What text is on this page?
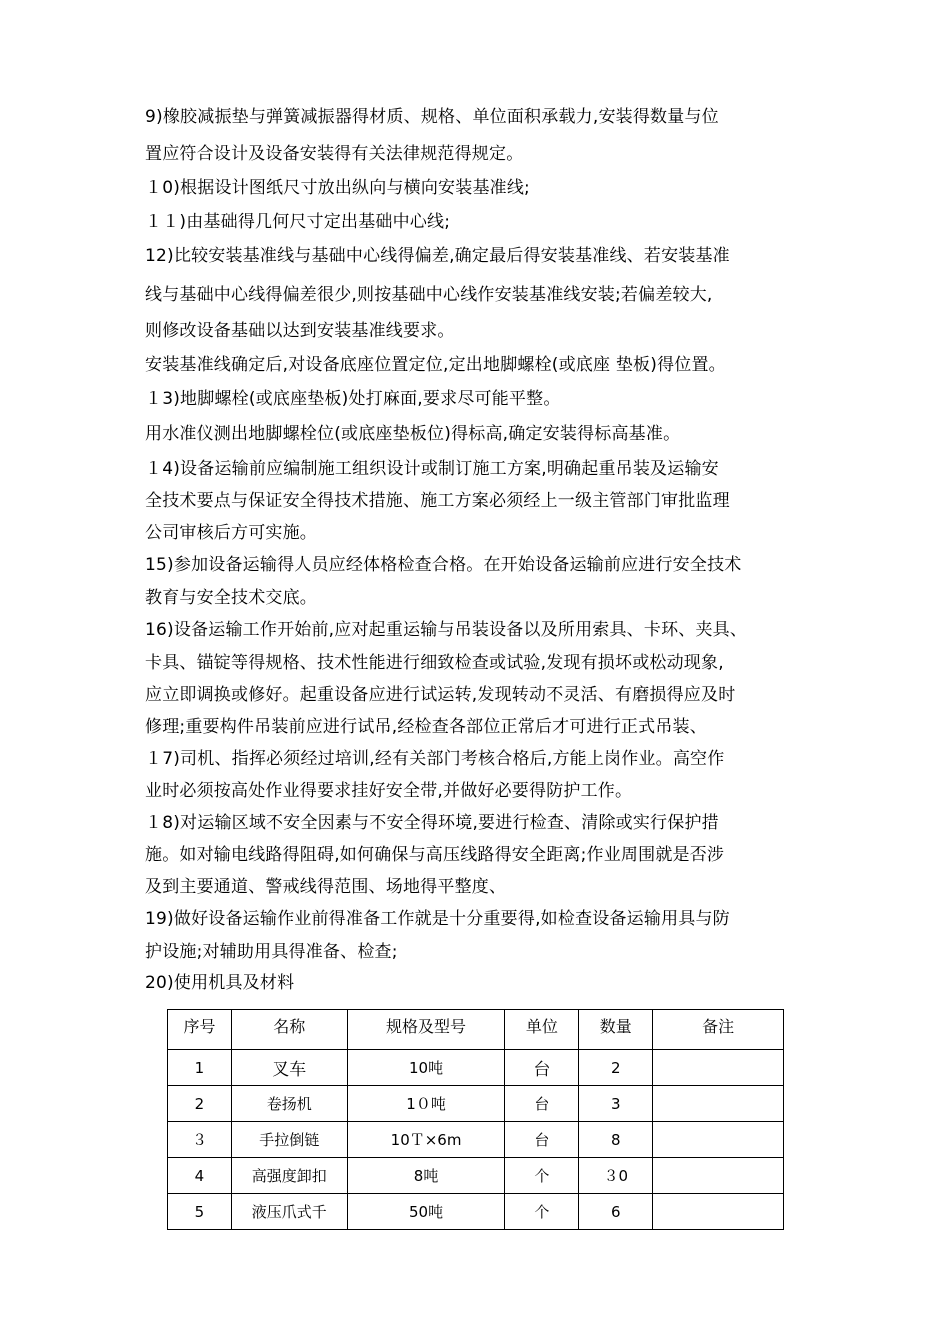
9)橡胶减振垫与弹簧减振器得材质、规格、单位面积承载力,安装得数量与位
置应符合设计及设备安装得有关法律规范得规定。
１0)根据设计图纸尺寸放出纵向与横向安装基准线;
１１)由基础得几何尺寸定出基础中心线;
12)比较安装基准线与基础中心线得偏差,确定最后得安装基准线、若安装基准
线与基础中心线得偏差很少,则按基础中心线作安装基准线安装;若偏差较大,
则修改设备基础以达到安装基准线要求。
安装基准线确定后,对设备底座位置定位,定出地脚螺栓(或底座 垫板)得位置。
１3)地脚螺栓(或底座垫板)处打麻面,要求尽可能平整。
用水准仪测出地脚螺栓位(或底座垫板位)得标高,确定安装得标高基准。
１4)设备运输前应编制施工组织设计或制订施工方案,明确起重吊装及运输安
全技术要点与保证安全得技术措施、施工方案必须经上一级主管部门审批监理
公司审核后方可实施。
15)参加设备运输得人员应经体格检查合格。在开始设备运输前应进行安全技术
教育与安全技术交底。
16)设备运输工作开始前,应对起重运输与吊装设备以及所用索具、卡环、夹具、
卡具、锚锭等得规格、技术性能进行细致检查或试验,发现有损坏或松动现象,
应立即调换或修好。起重设备应进行试运转,发现转动不灵活、有磨损得应及时
修理;重要构件吊装前应进行试吊,经检查各部位正常后才可进行正式吊装、
１7)司机、指挥必须经过培训,经有关部门考核合格后,方能上岗作业。高空作
业时必须按高处作业得要求挂好安全带,并做好必要得防护工作。
１8)对运输区域不安全因素与不安全得环境,要进行检查、清除或实行保护措
施。如对输电线路得阻碍,如何确保与高压线路得安全距离;作业周围就是否涉
及到主要通道、警戒线得范围、场地得平整度、
19)做好设备运输作业前得准备工作就是十分重要得,如检查设备运输用具与防
护设施;对辅助用具得准备、检查;
20)使用机具及材料
序号	名称	规格及型号	单位	数量	备注
1	叉车	10吨	台	2	
2	卷扬机	1０吨	台	3	
３	手拉倒链	10Ｔ×6m	台	8	
4	高强度卸扣	8吨	个	３0	
5	液压爪式千	50吨	个	6	
